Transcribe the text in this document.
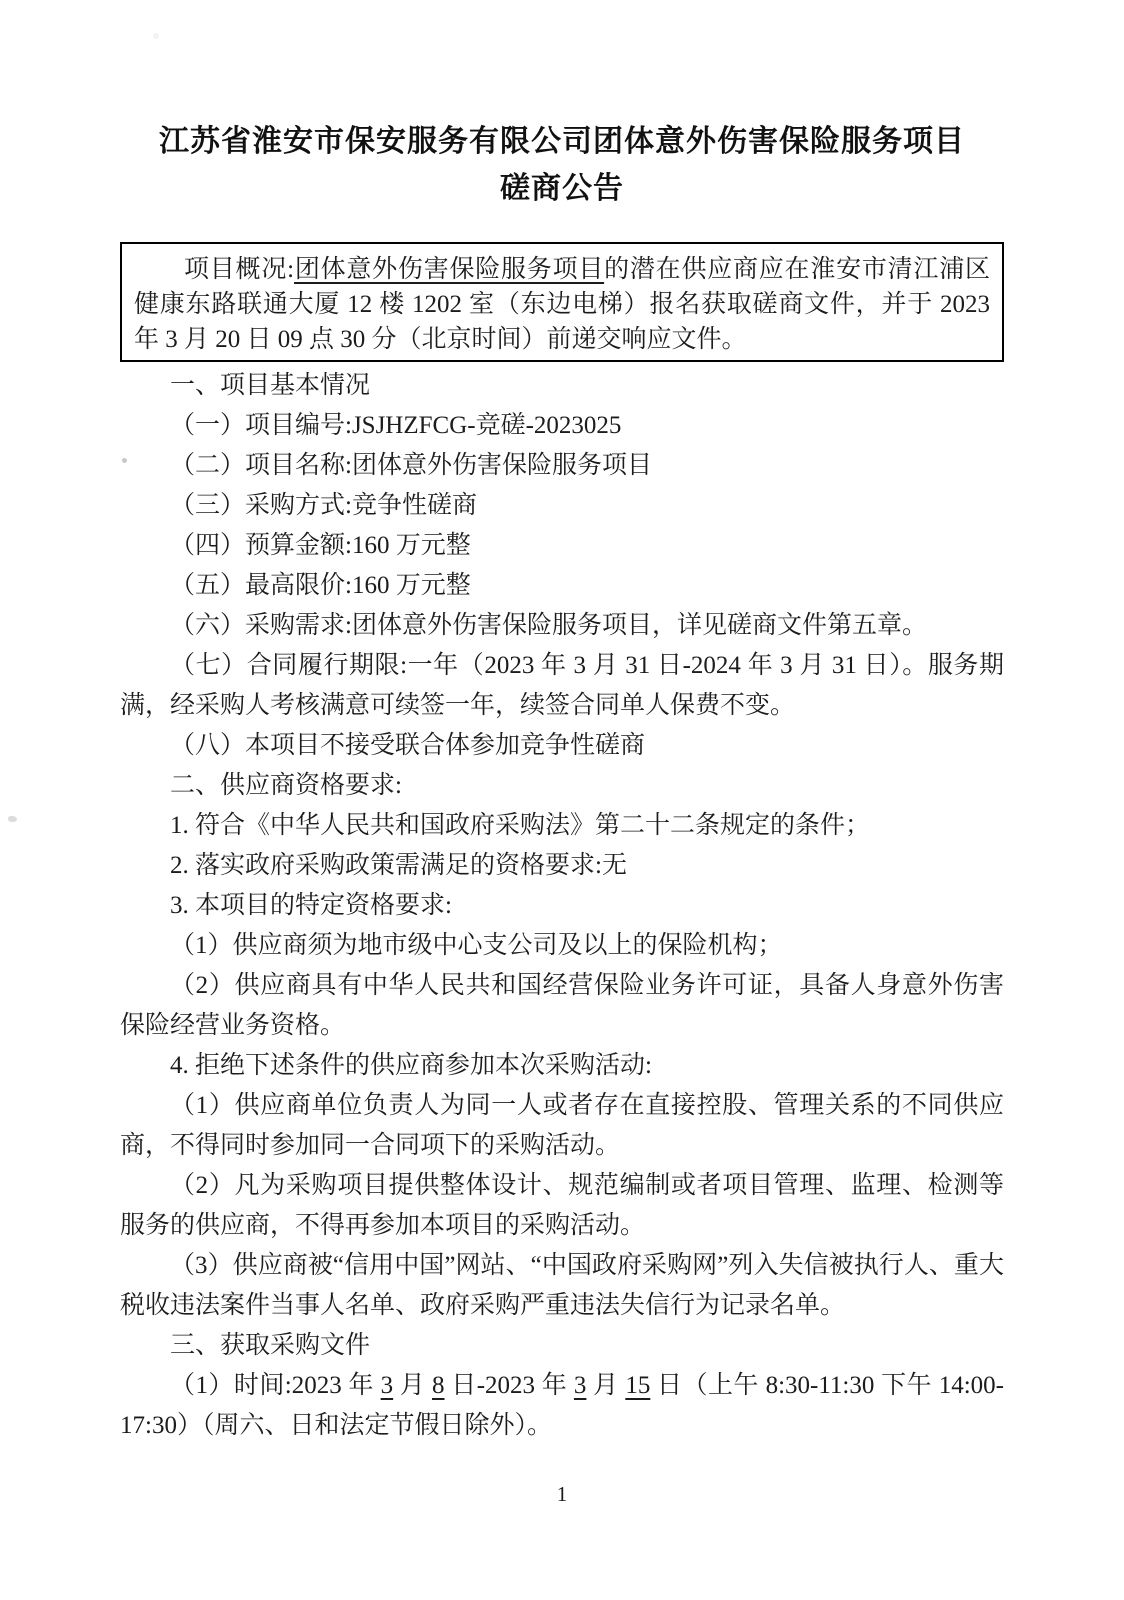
江苏省淮安市保安服务有限公司团体意外伤害保险服务项目
磋商公告

项目概况:团体意外伤害保险服务项目的潜在供应商应在淮安市清江浦区健康东路联通大厦 12 楼 1202 室（东边电梯）报名获取磋商文件，并于 2023 年 3 月 20 日 09 点 30 分（北京时间）前递交响应文件。

一、项目基本情况

（一）项目编号:JSJHZFCG-竞磋-2023025

（二）项目名称:团体意外伤害保险服务项目

（三）采购方式:竞争性磋商

（四）预算金额:160 万元整

（五）最高限价:160 万元整

（六）采购需求:团体意外伤害保险服务项目，详见磋商文件第五章。

（七）合同履行期限:一年（2023 年 3 月 31 日-2024 年 3 月 31 日）。服务期满，经采购人考核满意可续签一年，续签合同单人保费不变。

（八）本项目不接受联合体参加竞争性磋商

二、供应商资格要求:

1. 符合《中华人民共和国政府采购法》第二十二条规定的条件；

2. 落实政府采购政策需满足的资格要求:无

3. 本项目的特定资格要求:

（1）供应商须为地市级中心支公司及以上的保险机构；

（2）供应商具有中华人民共和国经营保险业务许可证，具备人身意外伤害保险经营业务资格。

4. 拒绝下述条件的供应商参加本次采购活动:

（1）供应商单位负责人为同一人或者存在直接控股、管理关系的不同供应商，不得同时参加同一合同项下的采购活动。

（2）凡为采购项目提供整体设计、规范编制或者项目管理、监理、检测等服务的供应商，不得再参加本项目的采购活动。

（3）供应商被“信用中国”网站、“中国政府采购网”列入失信被执行人、重大税收违法案件当事人名单、政府采购严重违法失信行为记录名单。

三、获取采购文件

（1）时间:2023 年 3 月 8 日-2023 年 3 月 15 日（上午 8:30-11:30 下午 14:00-17:30）（周六、日和法定节假日除外）。

1
